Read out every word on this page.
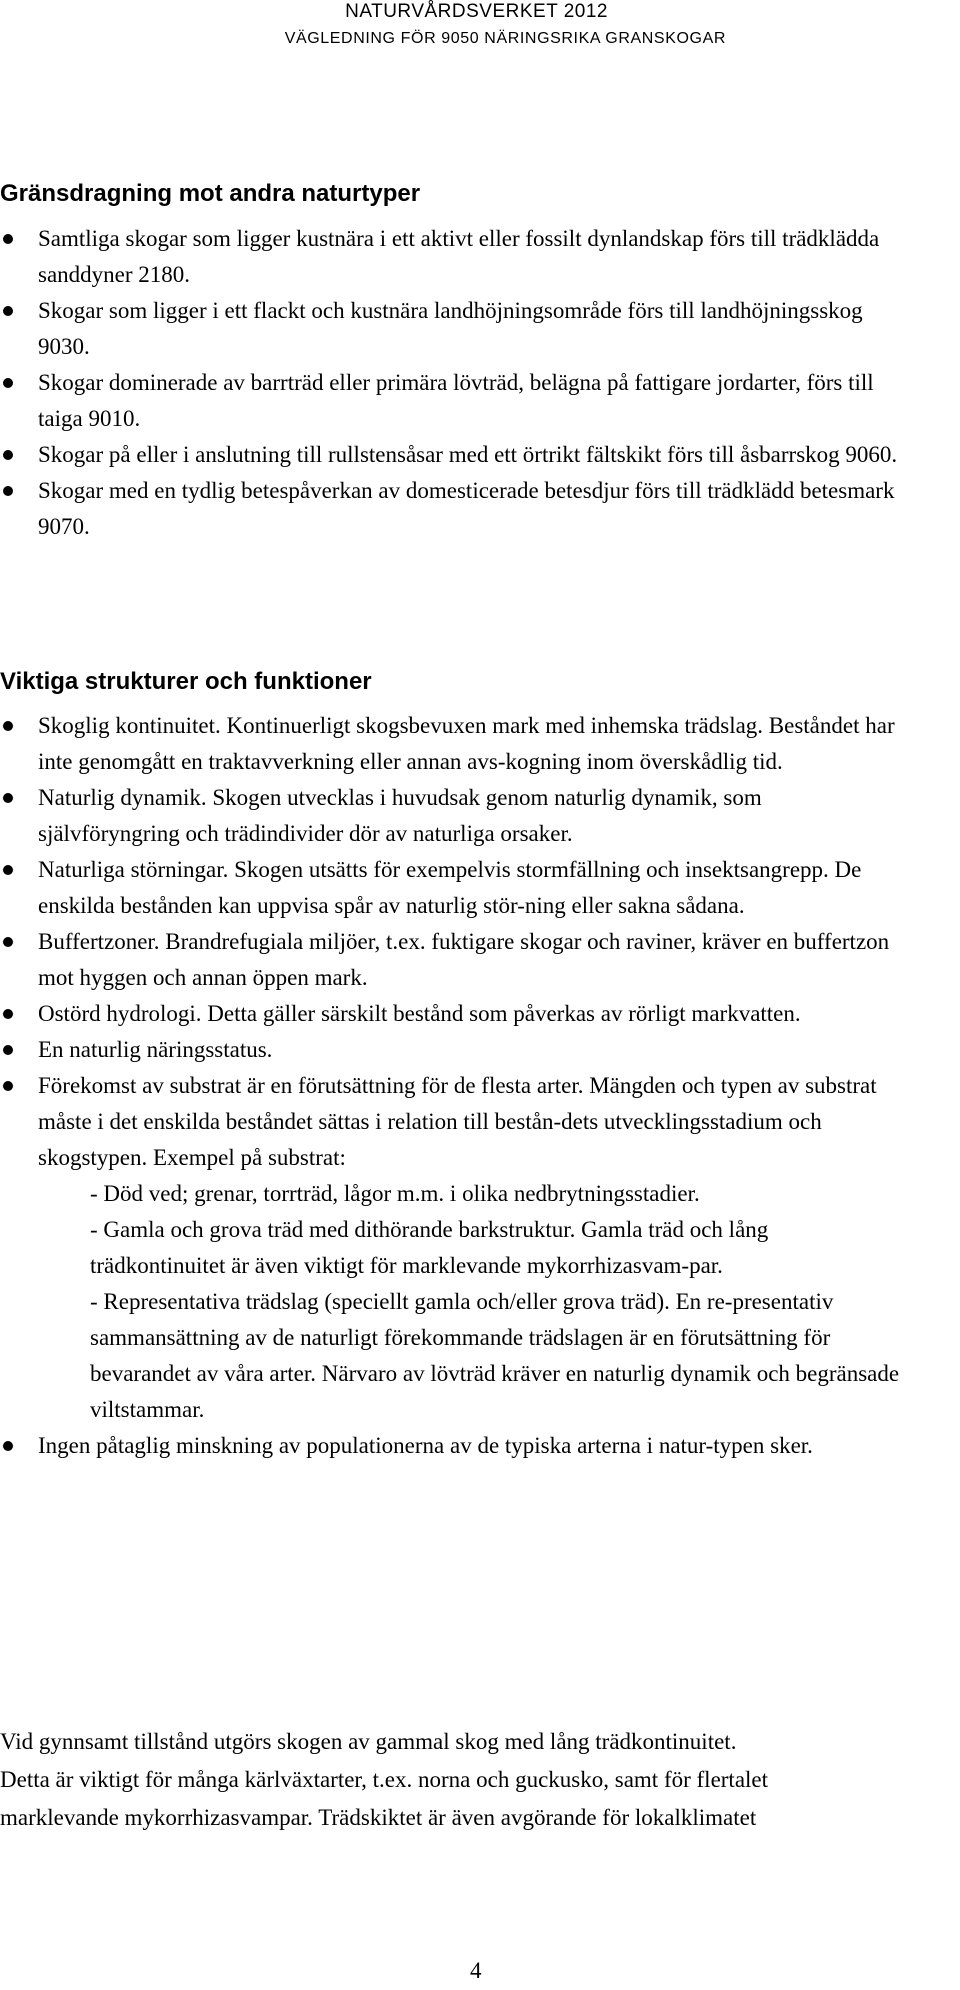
NATURVÅRDSVERKET 2012
VÄGLEDNING FÖR 9050 NÄRINGSRIKA GRANSKOGAR
Gränsdragning mot andra naturtyper
Samtliga skogar som ligger kustnära i ett aktivt eller fossilt dynlandskap förs till trädklädda sanddyner 2180.
Skogar som ligger i ett flackt och kustnära landhöjningsområde förs till landhöjningsskog 9030.
Skogar dominerade av barrträd eller primära lövträd, belägna på fattigare jordarter, förs till taiga 9010.
Skogar på eller i anslutning till rullstensåsar med ett örtrikt fältskikt förs till åsbarrskog 9060.
Skogar med en tydlig betespåverkan av domesticerade betesdjur förs till trädklädd betesmark 9070.
Viktiga strukturer och funktioner
Skoglig kontinuitet. Kontinuerligt skogsbevuxen mark med inhemska trädslag. Beståndet har inte genomgått en traktavverkning eller annan avs-kogning inom överskådlig tid.
Naturlig dynamik. Skogen utvecklas i huvudsak genom naturlig dynamik, som självföryngring och trädindivider dör av naturliga orsaker.
Naturliga störningar. Skogen utsätts för exempelvis stormfällning och insektsangrepp. De enskilda bestånden kan uppvisa spår av naturlig stör-ning eller sakna sådana.
Buffertzoner. Brandrefugiala miljöer, t.ex. fuktigare skogar och raviner, kräver en buffertzon mot hyggen och annan öppen mark.
Ostörd hydrologi. Detta gäller särskilt bestånd som påverkas av rörligt markvatten.
En naturlig näringsstatus.
Förekomst av substrat är en förutsättning för de flesta arter. Mängden och typen av substrat måste i det enskilda beståndet sättas i relation till bestån-dets utvecklingsstadium och skogstypen. Exempel på substrat:
- Död ved; grenar, torrträd, lågor m.m. i olika nedbrytningsstadier.
- Gamla och grova träd med dithörande barkstruktur. Gamla träd och lång trädkontinuitet är även viktigt för marklevande mykorrhizasvam-par.
- Representativa trädslag (speciellt gamla och/eller grova träd). En re-presentativ sammansättning av de naturligt förekommande trädslagen är en förutsättning för bevarandet av våra arter. Närvaro av lövträd kräver en naturlig dynamik och begränsade viltstammar.
Ingen påtaglig minskning av populationerna av de typiska arterna i natur-typen sker.
Vid gynnsamt tillstånd utgörs skogen av gammal skog med lång trädkontinuitet.
Detta är viktigt för många kärlväxtarter, t.ex. norna och guckusko, samt för flertalet
marklevande mykorrhizasvampar. Trädskiktet är även avgörande för lokalklimatet
4
